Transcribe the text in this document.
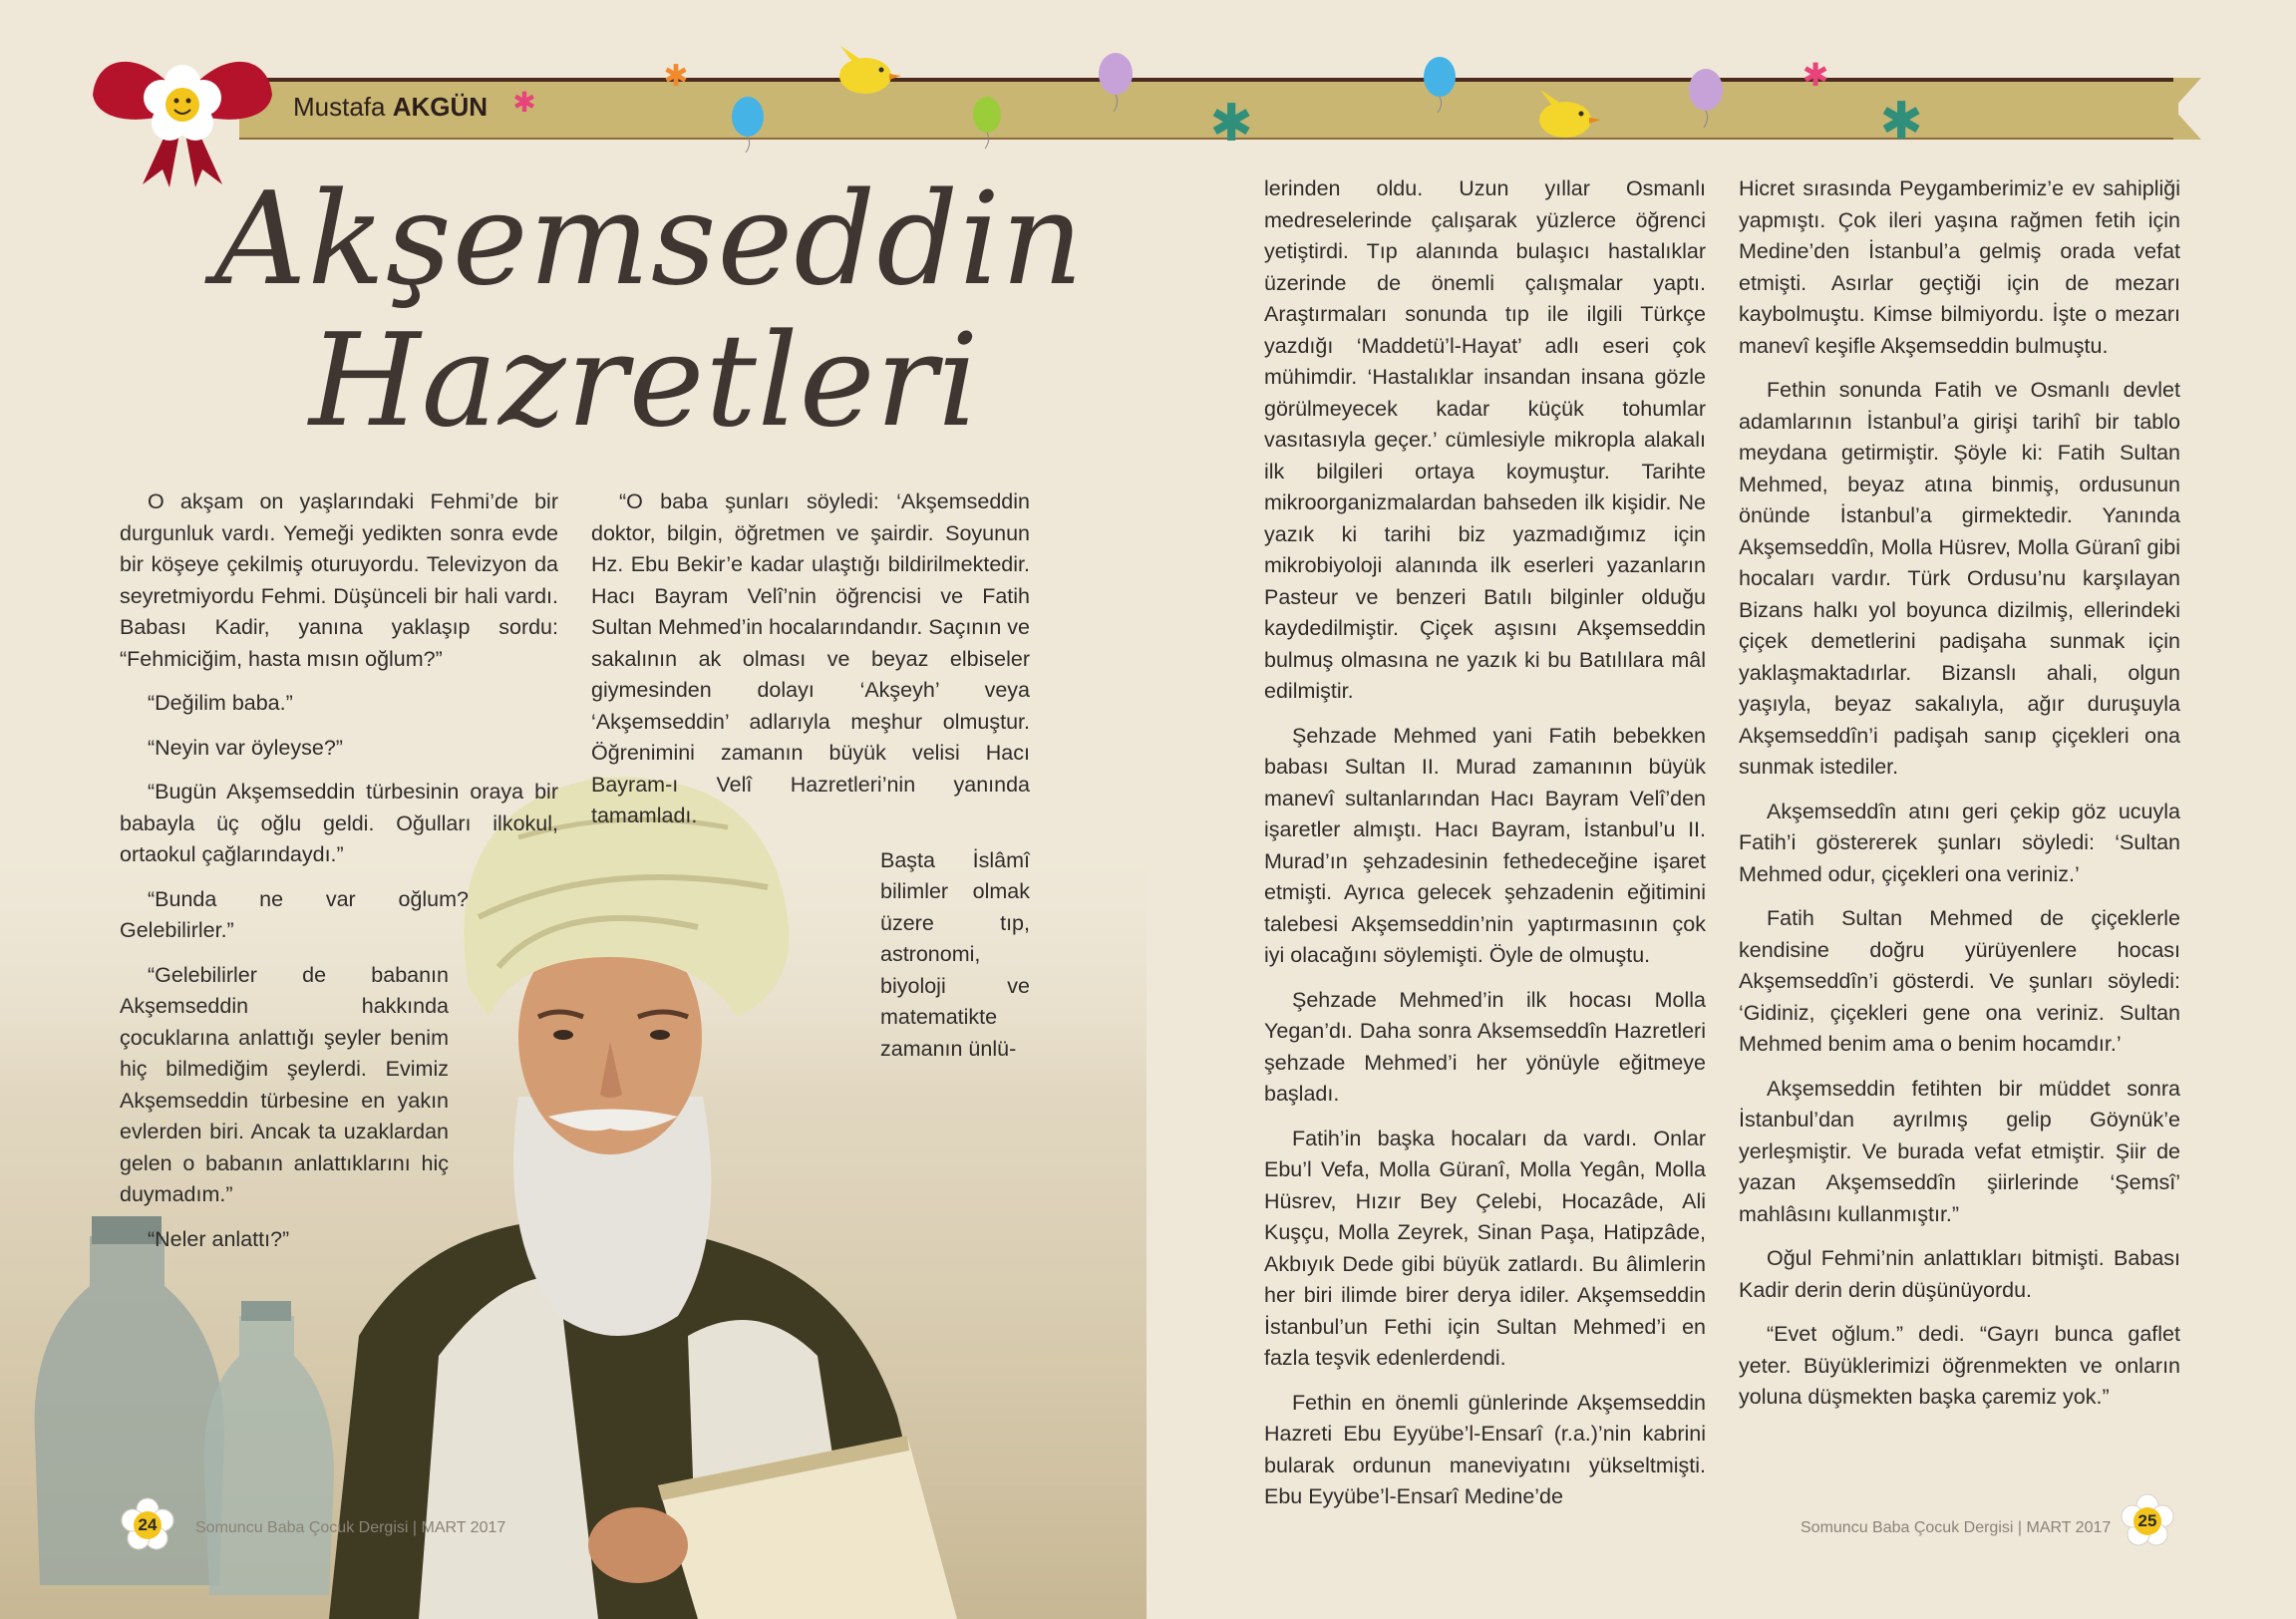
Mustafa AKGÜN ✱
✱
✱
✱
✱
Akşemseddin
Hazretleri

O akşam on yaşlarındaki Fehmi’de bir durgunluk vardı. Yemeği yedikten sonra evde bir köşeye çekilmiş oturuyordu. Televizyon da seyretmiyordu Fehmi. Düşünceli bir hali vardı. Babası Kadir, yanına yaklaşıp sordu: “Fehmiciğim, hasta mısın oğlum?”

“Değilim baba.”

“Neyin var öyleyse?”

“Bugün Akşemseddin türbesinin oraya bir babayla üç oğlu geldi. Oğulları ilkokul, ortaokul çağlarındaydı.”

“Bunda ne var oğlum? Gelebilirler.”

“Gelebilirler de babanın Akşemseddin hakkında çocuklarına anlattığı şeyler benim hiç bilmediğim şeylerdi. Evimiz Akşemseddin türbesine en yakın evlerden biri. Ancak ta uzaklardan gelen o babanın anlattıklarını hiç duymadım.”

“Neler anlattı?”

“O baba şunları söyledi: ‘Akşemseddin doktor, bilgin, öğretmen ve şairdir. Soyunun Hz. Ebu Bekir’e kadar ulaştığı bildirilmektedir. Hacı Bayram Velî’nin öğrencisi ve Fatih Sultan Mehmed’in hocalarındandır. Saçının ve sakalının ak olması ve beyaz elbiseler giymesinden dolayı ‘Akşeyh’ veya ‘Akşemseddin’ adlarıyla meşhur olmuştur. Öğrenimini zamanın büyük velisi Hacı Bayram-ı Velî Hazretleri’nin yanında tamamladı.

Başta İslâmî bilimler olmak üzere tıp, astronomi, biyoloji ve matematikte zamanın ünlü-

lerinden oldu. Uzun yıllar Osmanlı medreselerinde çalışarak yüzlerce öğrenci yetiştirdi. Tıp alanında bulaşıcı hastalıklar üzerinde de önemli çalışmalar yaptı. Araştırmaları sonunda tıp ile ilgili Türkçe yazdığı ‘Maddetü’l-Hayat’ adlı eseri çok mühimdir. ‘Hastalıklar insandan insana gözle görülmeyecek kadar küçük tohumlar vasıtasıyla geçer.’ cümlesiyle mikropla alakalı ilk bilgileri ortaya koymuştur. Tarihte mikroorganizmalardan bahseden ilk kişidir. Ne yazık ki tarihi biz yazmadığımız için mikrobiyoloji alanında ilk eserleri yazanların Pasteur ve benzeri Batılı bilginler olduğu kaydedilmiştir. Çiçek aşısını Akşemseddin bulmuş olmasına ne yazık ki bu Batılılara mâl edilmiştir.

Şehzade Mehmed yani Fatih bebekken babası Sultan II. Murad zamanının büyük manevî sultanlarından Hacı Bayram Velî’den işaretler almıştı. Hacı Bayram, İstanbul’u II. Murad’ın şehzadesinin fethedeceğine işaret etmişti. Ayrıca gelecek şehzadenin eğitimini talebesi Akşemseddin’nin yaptırmasının çok iyi olacağını söylemişti. Öyle de olmuştu.

Şehzade Mehmed’in ilk hocası Molla Yegan’dı. Daha sonra Aksemseddîn Hazretleri şehzade Mehmed’i her yönüyle eğitmeye başladı.

Fatih’in başka hocaları da vardı. Onlar Ebu’l Vefa, Molla Güranî, Molla Yegân, Molla Hüsrev, Hızır Bey Çelebi, Hocazâde, Ali Kuşçu, Molla Zeyrek, Sinan Paşa, Hatipzâde, Akbıyık Dede gibi büyük zatlardı. Bu âlimlerin her biri ilimde birer derya idiler. Akşemseddin İstanbul’un Fethi için Sultan Mehmed’i en fazla teşvik edenlerdendi.

Fethin en önemli günlerinde Akşemseddin Hazreti Ebu Eyyübe’l-Ensarî (r.a.)’nin kabrini bularak ordunun maneviyatını yükseltmişti. Ebu Eyyübe’l-Ensarî Medine’de

Hicret sırasında Peygamberimiz’e ev sahipliği yapmıştı. Çok ileri yaşına rağmen fetih için Medine’den İstanbul’a gelmiş orada vefat etmişti. Asırlar geçtiği için de mezarı kaybolmuştu. Kimse bilmiyordu. İşte o mezarı manevî keşifle Akşemseddin bulmuştu.

Fethin sonunda Fatih ve Osmanlı devlet adamlarının İstanbul’a girişi tarihî bir tablo meydana getirmiştir. Şöyle ki: Fatih Sultan Mehmed, beyaz atına binmiş, ordusunun önünde İstanbul’a girmektedir. Yanında Akşemseddîn, Molla Hüsrev, Molla Güranî gibi hocaları vardır. Türk Ordusu’nu karşılayan Bizans halkı yol boyunca dizilmiş, ellerindeki çiçek demetlerini padişaha sunmak için yaklaşmaktadırlar. Bizanslı ahali, olgun yaşıyla, beyaz sakalıyla, ağır duruşuyla Akşemseddîn’i padişah sanıp çiçekleri ona sunmak istediler.

Akşemseddîn atını geri çekip göz ucuyla Fatih’i göstererek şunları söyledi: ‘Sultan Mehmed odur, çiçekleri ona veriniz.’

Fatih Sultan Mehmed de çiçeklerle kendisine doğru yürüyenlere hocası Akşemseddîn’i gösterdi. Ve şunları söyledi: ‘Gidiniz, çiçekleri gene ona veriniz. Sultan Mehmed benim ama o benim hocamdır.’

Akşemseddin fetihten bir müddet sonra İstanbul’dan ayrılmış gelip Göynük’e yerleşmiştir. Ve burada vefat etmiştir. Şiir de yazan Akşemseddîn şiirlerinde ‘Şemsî’ mahlâsını kullanmıştır.”

Oğul Fehmi’nin anlattıkları bitmişti. Babası Kadir derin derin düşünüyordu.

“Evet oğlum.” dedi. “Gayrı bunca gaflet yeter. Büyüklerimizi öğrenmekten ve onların yoluna düşmekten başka çaremiz yok.”

24	Somuncu Baba Çocuk Dergisi | MART 2017	Somuncu Baba Çocuk Dergisi | MART 2017	25
